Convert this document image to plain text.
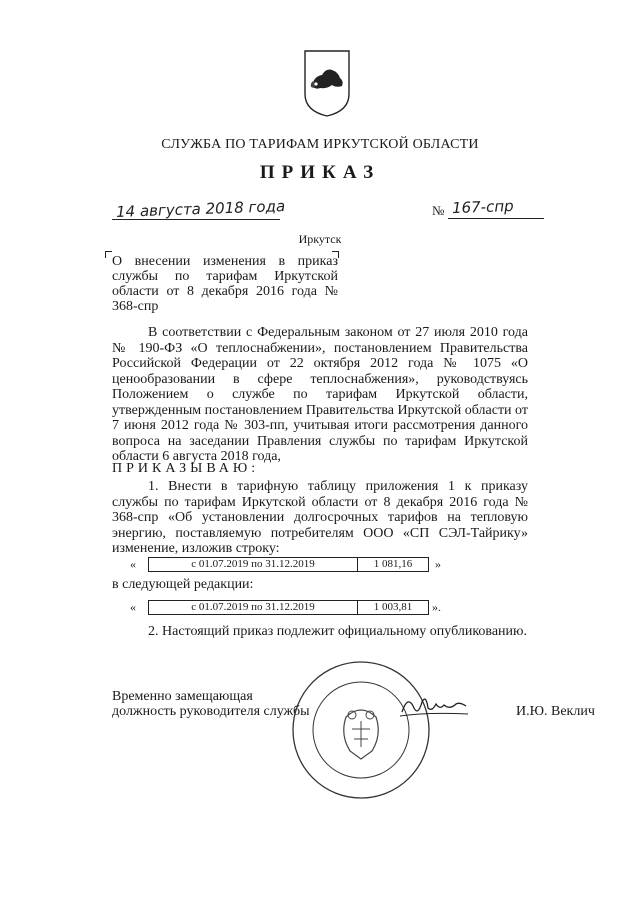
СЛУЖБА ПО ТАРИФАМ ИРКУТСКОЙ ОБЛАСТИ
ПРИКАЗ
14 августа 2018 года	№ 167-спр
Иркутск
О внесении изменения в приказ службы по тарифам Иркутской области от 8 декабря 2016 года № 368-спр
В соответствии с Федеральным законом от 27 июля 2010 года № 190-ФЗ «О теплоснабжении», постановлением Правительства Российской Федерации от 22 октября 2012 года № 1075 «О ценообразовании в сфере теплоснабжения», руководствуясь Положением о службе по тарифам Иркутской области, утвержденным постановлением Правительства Иркутской области от 7 июня 2012 года № 303-пп, учитывая итоги рассмотрения данного вопроса на заседании Правления службы по тарифам Иркутской области 6 августа 2018 года,
ПРИКАЗЫВАЮ:
1. Внести в тарифную таблицу приложения 1 к приказу службы по тарифам Иркутской области от 8 декабря 2016 года № 368-спр «Об установлении долгосрочных тарифов на тепловую энергию, поставляемую потребителям ООО «СП СЭЛ-Тайрику» изменение, изложив строку:
«	с 01.07.2019 по 31.12.2019	1 081,16	»
в следующей редакции:
«	с 01.07.2019 по 31.12.2019	1 003,81	».
2. Настоящий приказ подлежит официальному опубликованию.
Временно замещающая
должность руководителя службы	И.Ю. Веклич
